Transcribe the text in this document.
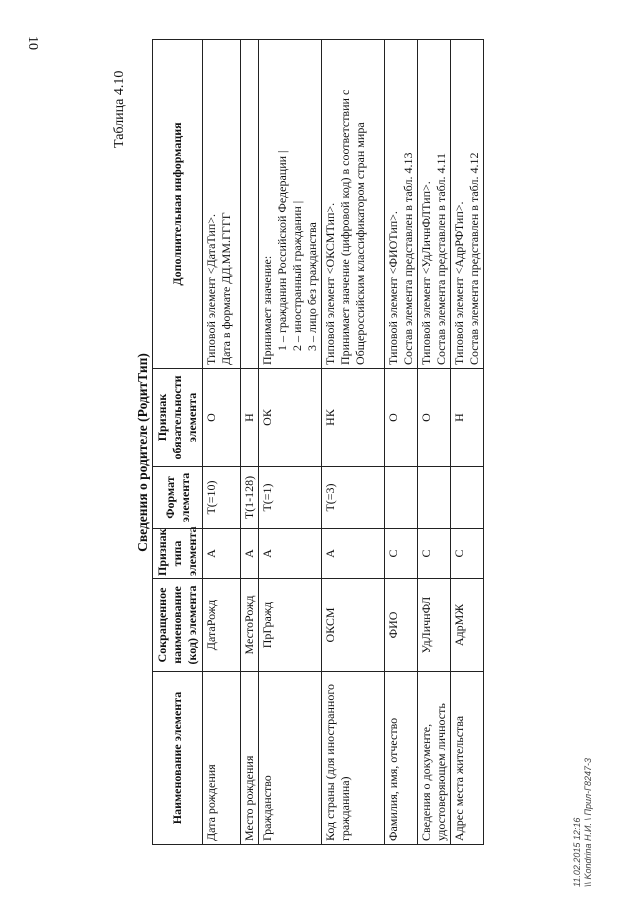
10
Таблица 4.10
Сведения о родителе (РодитТип)
Наименование элемента	Сокращенное наименование (код) элемента	Признак типа элемента	Формат элемента	Признак обязательности элемента	Дополнительная информация
Дата рождения	ДатаРожд	А	T(=10)	О	Типовой элемент <ДатаТип>. Дата в формате ДД.ММ.ГГГГ

Место рождения	МестоРожд	А	T(1-128)	Н	

Гражданство	ПрГражд	А	T(=1)	ОК	Принимает значение: 1 – гражданин Российской Федерации | 2 – иностранный гражданин | 3 – лицо без гражданства

Код страны (для иностранного гражданина)	ОКСМ	А	T(=3)	НК	Типовой элемент <ОКСМТип>. Принимает значение (цифровой код) в соответствии с Общероссийским классификатором стран мира

Фамилия, имя, отчество	ФИО	С		О	Типовой элемент <ФИОТип>. Состав элемента представлен в табл. 4.13

Сведения о документе, удостоверяющем личность	УдЛичнФЛ	С		О	Типовой элемент <УдЛичнФЛТип>. Состав элемента представлен в табл. 4.11

Адрес места жительства	АдрМЖ	С		Н	Типовой элемент <АдрРФТип>. Состав элемента представлен в табл. 4.12
11.02.2015 12:16 \\ Kondrina Н.И. \ Прил-Г8247-3
